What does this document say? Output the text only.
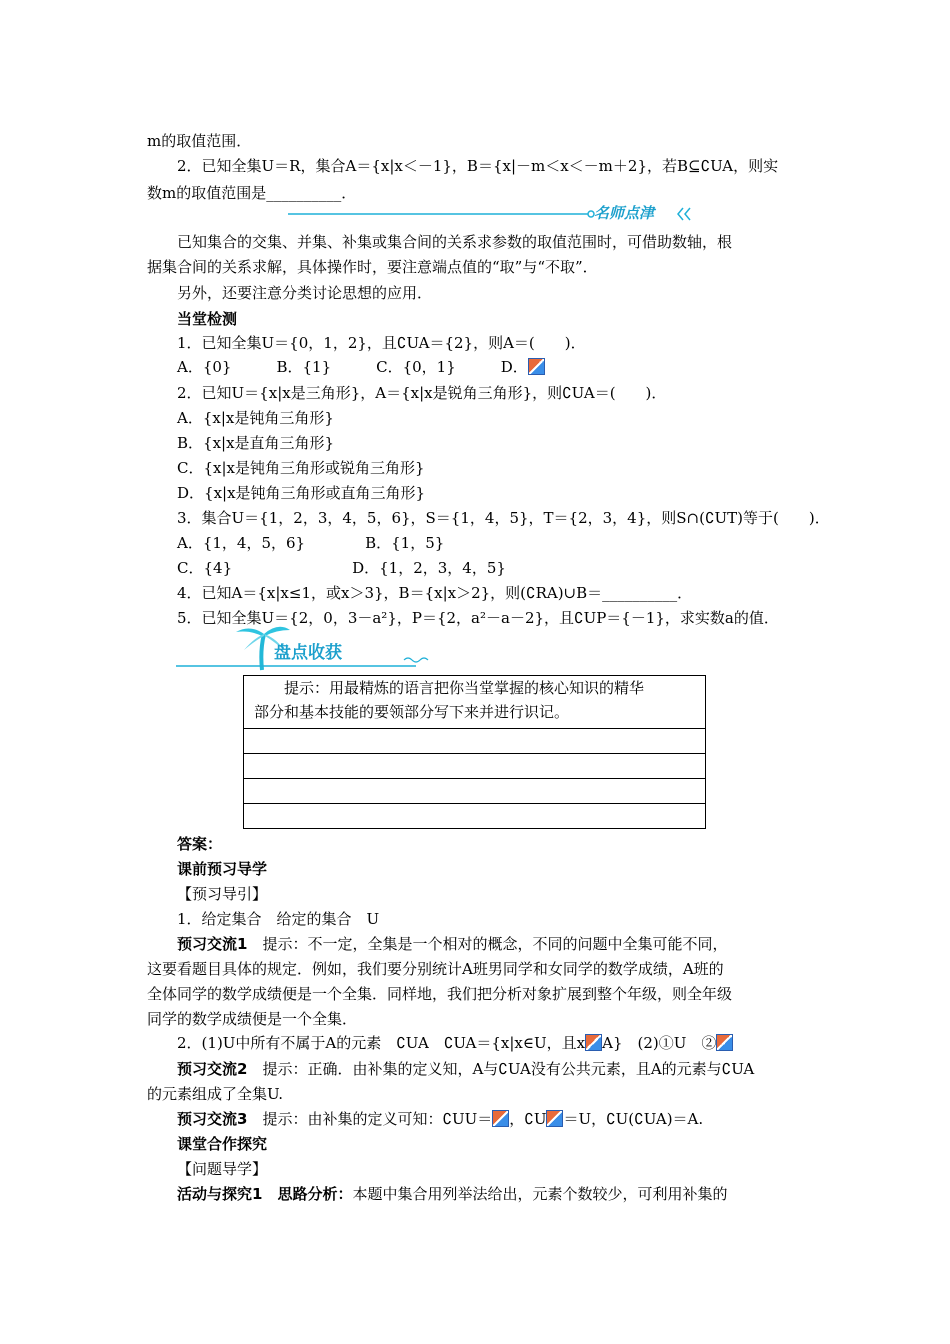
m的取值范围．
　　2．已知全集U＝R，集合A＝{x|x＜－1}，B＝{x|－m＜x＜－m＋2}，若B⊆∁UA，则实
数m的取值范围是__________．
名师点津
　　已知集合的交集、并集、补集或集合间的关系求参数的取值范围时，可借助数轴，根
据集合间的关系求解，具体操作时，要注意端点值的“取”与“不取”．
　　另外，还要注意分类讨论思想的应用．
当堂检测
1．已知全集U＝{0，1，2}，且∁UA＝{2}，则A＝(　　)．
A．{0}　　　B．{1}　　　C．{0，1}　　　D．
2．已知U＝{x|x是三角形}，A＝{x|x是锐角三角形}，则∁UA＝(　　)．
A．{x|x是钝角三角形}
B．{x|x是直角三角形}
C．{x|x是钝角三角形或锐角三角形}
D．{x|x是钝角三角形或直角三角形}
3．集合U＝{1，2，3，4，5，6}，S＝{1，4，5}，T＝{2，3，4}，则S∩(∁UT)等于(　　)．
A．{1，4，5，6}　　　　B．{1，5}
C．{4}　　　　　　　　D．{1，2，3，4，5}
4．已知A＝{x|x≤1，或x＞3}，B＝{x|x＞2}，则(∁RA)∪B＝__________．
5．已知全集U＝{2，0，3－a²}，P＝{2，a²－a－2}，且∁UP＝{－1}，求实数a的值．
盘点收获
　　提示：用最精炼的语言把你当堂掌握的核心知识的精华
部分和基本技能的要领部分写下来并进行识记。

答案：
课前预习导学
【预习导引】
1．给定集合　给定的集合　U
预习交流1　提示：不一定，全集是一个相对的概念，不同的问题中全集可能不同，
这要看题目具体的规定．例如，我们要分别统计A班男同学和女同学的数学成绩，A班的
全体同学的数学成绩便是一个全集．同样地，我们把分析对象扩展到整个年级，则全年级
同学的数学成绩便是一个全集．
2．(1)U中所有不属于A的元素　∁UA　∁UA＝{x|x∈U，且x A}　(2)①U　②
预习交流2　提示：正确．由补集的定义知，A与∁UA没有公共元素，且A的元素与∁UA
的元素组成了全集U.
预习交流3　提示：由补集的定义可知：∁UU＝ ，∁U ＝U，∁U(∁UA)＝A.
课堂合作探究
【问题导学】
活动与探究1　思路分析：本题中集合用列举法给出，元素个数较少，可利用补集的
